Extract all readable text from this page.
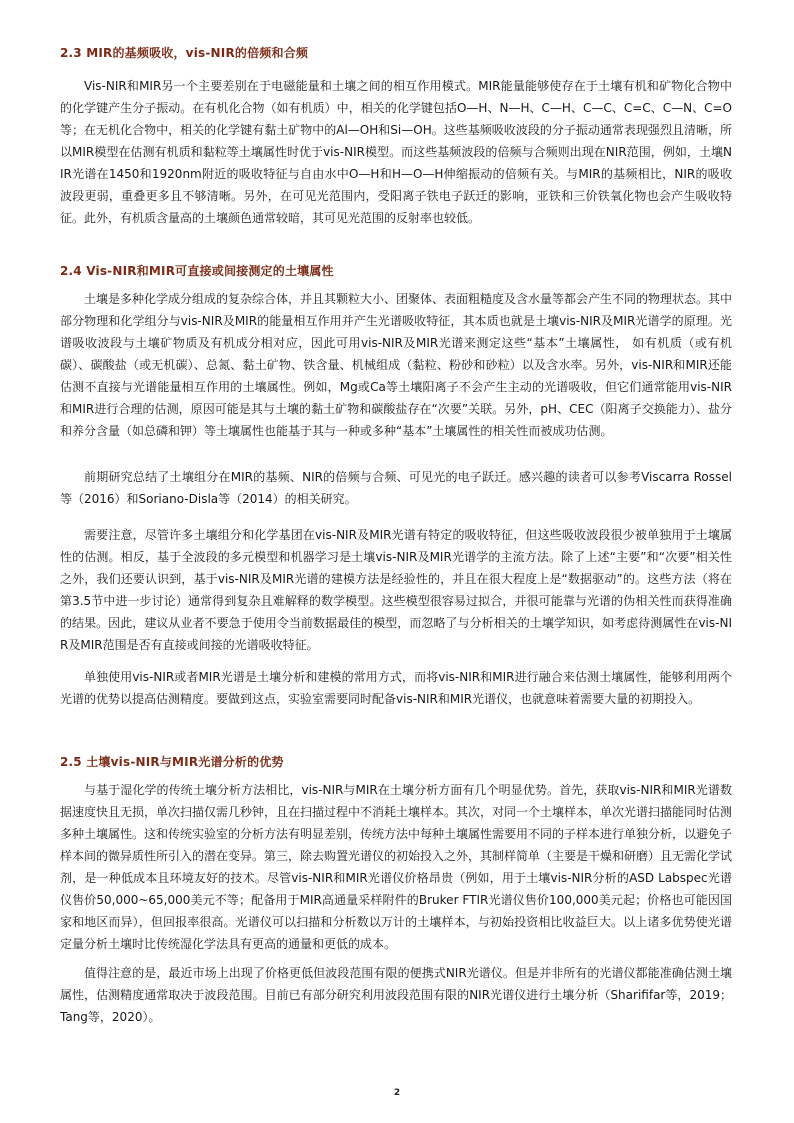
2.3 MIR的基频吸收，vis-NIR的倍频和合频

Vis-NIR和MIR另一个主要差别在于电磁能量和土壤之间的相互作用模式。MIR能量能够使存在于土壤有机和矿物化合物中的化学键产生分子振动。在有机化合物（如有机质）中，相关的化学键包括O—H、N—H、C—H、C—C、C=C、C—N、C=O等；在无机化合物中，相关的化学键有黏土矿物中的Al—OH和Si—OH。这些基频吸收波段的分子振动通常表现强烈且清晰，所以MIR模型在估测有机质和黏粒等土壤属性时优于vis-NIR模型。而这些基频波段的倍频与合频则出现在NIR范围，例如，土壤NIR光谱在1450和1920nm附近的吸收特征与自由水中O—H和H—O—H伸缩振动的倍频有关。与MIR的基频相比，NIR的吸收波段更弱，重叠更多且不够清晰。另外，在可见光范围内，受阳离子铁电子跃迁的影响，亚铁和三价铁氧化物也会产生吸收特征。此外，有机质含量高的土壤颜色通常较暗，其可见光范围的反射率也较低。

2.4 Vis-NIR和MIR可直接或间接测定的土壤属性

土壤是多种化学成分组成的复杂综合体，并且其颗粒大小、团聚体、表面粗糙度及含水量等都会产生不同的物理状态。其中部分物理和化学组分与vis-NIR及MIR的能量相互作用并产生光谱吸收特征，其本质也就是土壤vis-NIR及MIR光谱学的原理。光谱吸收波段与土壤矿物质及有机成分相对应，因此可用vis-NIR及MIR光谱来测定这些“基本”土壤属性， 如有机质（或有机碳）、碳酸盐（或无机碳）、总氮、黏土矿物、铁含量、机械组成（黏粒、粉砂和砂粒）以及含水率。另外，vis-NIR和MIR还能估测不直接与光谱能量相互作用的土壤属性。例如，Mg或Ca等土壤阳离子不会产生主动的光谱吸收，但它们通常能用vis-NIR和MIR进行合理的估测，原因可能是其与土壤的黏土矿物和碳酸盐存在“次要”关联。另外，pH、CEC（阳离子交换能力）、盐分和养分含量（如总磷和钾）等土壤属性也能基于其与一种或多种“基本”土壤属性的相关性而被成功估测。

前期研究总结了土壤组分在MIR的基频、NIR的倍频与合频、可见光的电子跃迁。感兴趣的读者可以参考Viscarra Rossel等（2016）和Soriano-Disla等（2014）的相关研究。

需要注意，尽管许多土壤组分和化学基团在vis-NIR及MIR光谱有特定的吸收特征，但这些吸收波段很少被单独用于土壤属性的估测。相反，基于全波段的多元模型和机器学习是土壤vis-NIR及MIR光谱学的主流方法。除了上述“主要”和“次要”相关性之外，我们还要认识到，基于vis-NIR及MIR光谱的建模方法是经验性的，并且在很大程度上是“数据驱动”的。这些方法（将在第3.5节中进一步讨论）通常得到复杂且难解释的数学模型。这些模型很容易过拟合，并很可能靠与光谱的伪相关性而获得准确的结果。因此，建议从业者不要急于使用令当前数据最佳的模型，而忽略了与分析相关的土壤学知识，如考虑待测属性在vis-NIR及MIR范围是否有直接或间接的光谱吸收特征。

单独使用vis-NIR或者MIR光谱是土壤分析和建模的常用方式，而将vis-NIR和MIR进行融合来估测土壤属性，能够利用两个光谱的优势以提高估测精度。要做到这点，实验室需要同时配备vis-NIR和MIR光谱仪，也就意味着需要大量的初期投入。

2.5 土壤vis-NIR与MIR光谱分析的优势

与基于湿化学的传统土壤分析方法相比，vis-NIR与MIR在土壤分析方面有几个明显优势。首先，获取vis-NIR和MIR光谱数据速度快且无损，单次扫描仅需几秒钟，且在扫描过程中不消耗土壤样本。其次，对同一个土壤样本，单次光谱扫描能同时估测多种土壤属性。这和传统实验室的分析方法有明显差别，传统方法中每种土壤属性需要用不同的子样本进行单独分析，以避免子样本间的微异质性所引入的潜在变异。第三，除去购置光谱仪的初始投入之外，其制样简单（主要是干燥和研磨）且无需化学试剂，是一种低成本且环境友好的技术。尽管vis-NIR和MIR光谱仪价格昂贵（例如，用于土壤vis-NIR分析的ASD Labspec光谱仪售价50,000~65,000美元不等；配备用于MIR高通量采样附件的Bruker FTIR光谱仪售价100,000美元起；价格也可能因国家和地区而异），但回报率很高。光谱仪可以扫描和分析数以万计的土壤样本，与初始投资相比收益巨大。以上诸多优势使光谱定量分析土壤时比传统湿化学法具有更高的通量和更低的成本。

值得注意的是，最近市场上出现了价格更低但波段范围有限的便携式NIR光谱仪。但是并非所有的光谱仪都能准确估测土壤属性，估测精度通常取决于波段范围。目前已有部分研究利用波段范围有限的NIR光谱仪进行土壤分析（Sharififar等，2019；Tang等，2020）。

2
